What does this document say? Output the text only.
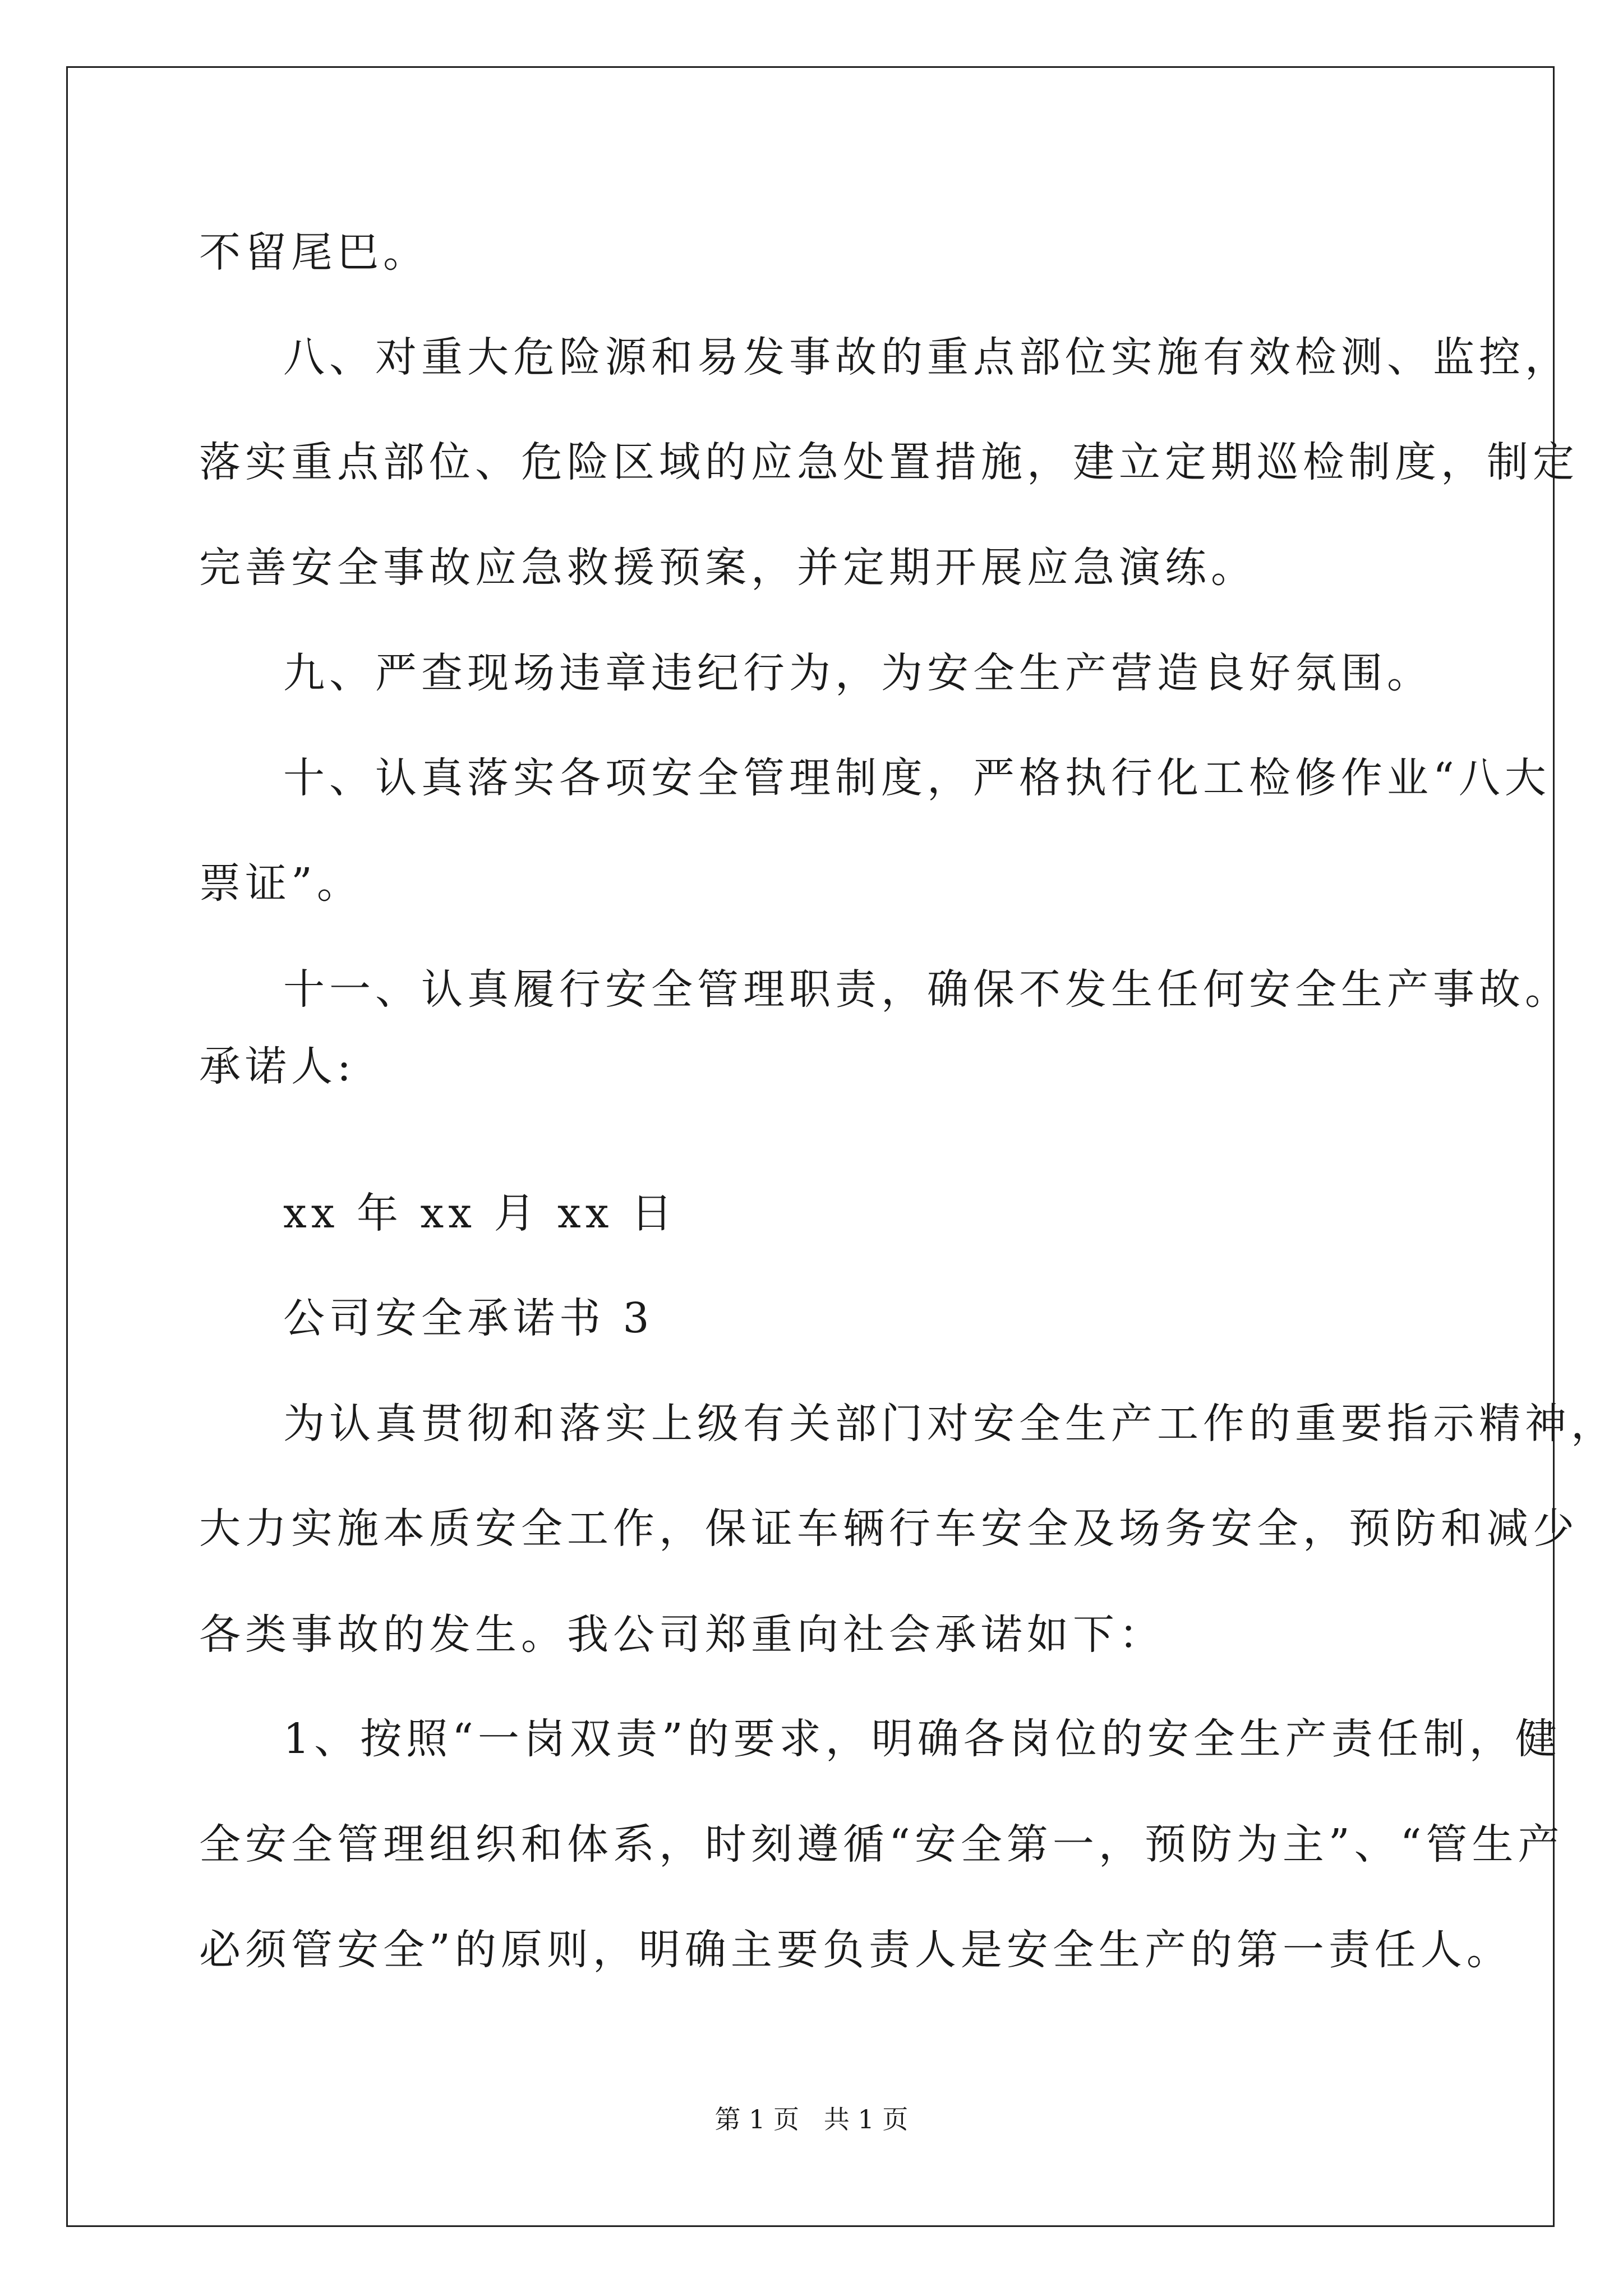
不留尾巴。
八、对重大危险源和易发事故的重点部位实施有效检测、监控，
落实重点部位、危险区域的应急处置措施，建立定期巡检制度，制定
完善安全事故应急救援预案，并定期开展应急演练。
九、严查现场违章违纪行为，为安全生产营造良好氛围。
十、认真落实各项安全管理制度，严格执行化工检修作业“八大
票证”。
十一、认真履行安全管理职责，确保不发生任何安全生产事故。
承诺人:
xx 年 xx 月 xx 日
公司安全承诺书 3
为认真贯彻和落实上级有关部门对安全生产工作的重要指示精神，
大力实施本质安全工作，保证车辆行车安全及场务安全，预防和减少
各类事故的发生。我公司郑重向社会承诺如下：
1、按照“一岗双责”的要求，明确各岗位的安全生产责任制，健
全安全管理组织和体系，时刻遵循“安全第一，预防为主”、“管生产
必须管安全”的原则，明确主要负责人是安全生产的第一责任人。
第 1 页   共 1 页
